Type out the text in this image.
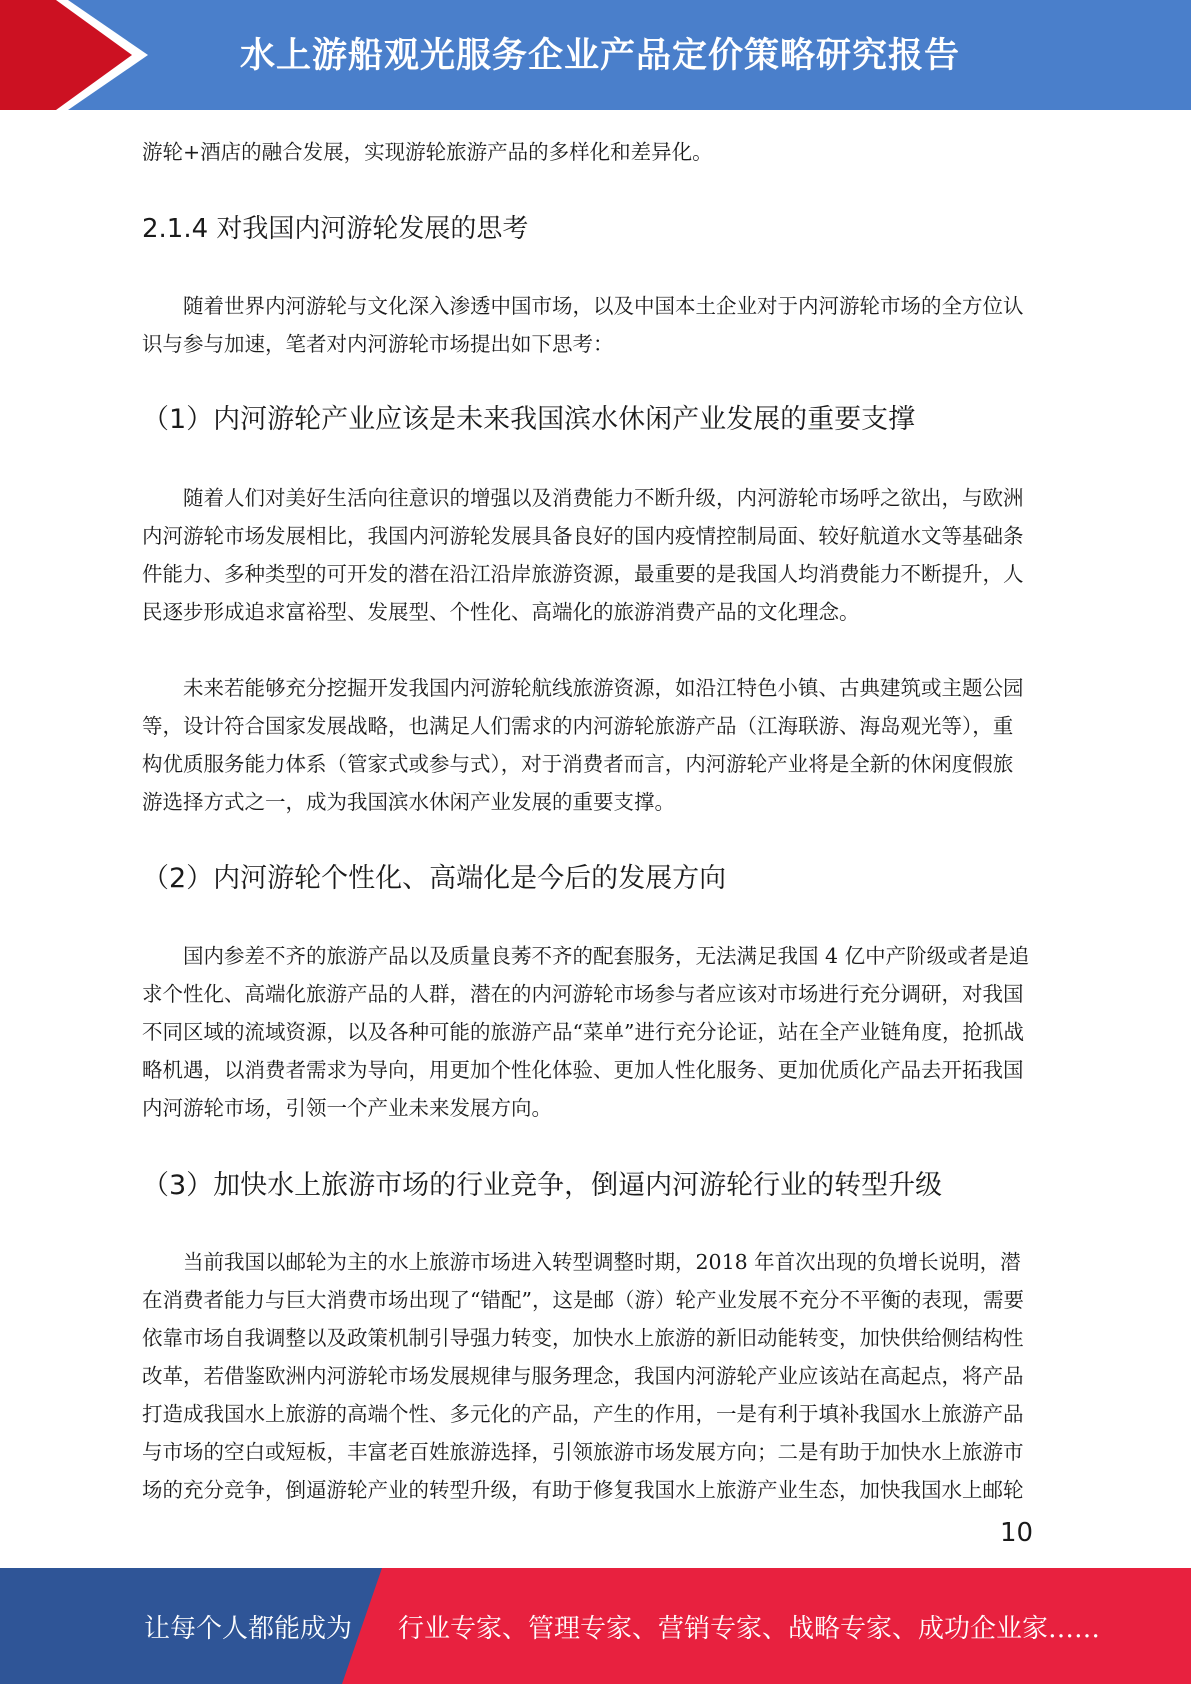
水上游船观光服务企业产品定价策略研究报告
游轮+酒店的融合发展，实现游轮旅游产品的多样化和差异化。
2.1.4 对我国内河游轮发展的思考
　　随着世界内河游轮与文化深入渗透中国市场，以及中国本土企业对于内河游轮市场的全方位认
识与参与加速，笔者对内河游轮市场提出如下思考：
（1）内河游轮产业应该是未来我国滨水休闲产业发展的重要支撑
　　随着人们对美好生活向往意识的增强以及消费能力不断升级，内河游轮市场呼之欲出，与欧洲
内河游轮市场发展相比，我国内河游轮发展具备良好的国内疫情控制局面、较好航道水文等基础条
件能力、多种类型的可开发的潜在沿江沿岸旅游资源，最重要的是我国人均消费能力不断提升，人
民逐步形成追求富裕型、发展型、个性化、高端化的旅游消费产品的文化理念。
　　未来若能够充分挖掘开发我国内河游轮航线旅游资源，如沿江特色小镇、古典建筑或主题公园
等，设计符合国家发展战略，也满足人们需求的内河游轮旅游产品（江海联游、海岛观光等），重
构优质服务能力体系（管家式或参与式），对于消费者而言，内河游轮产业将是全新的休闲度假旅
游选择方式之一，成为我国滨水休闲产业发展的重要支撑。
（2）内河游轮个性化、高端化是今后的发展方向
　　国内参差不齐的旅游产品以及质量良莠不齐的配套服务，无法满足我国 4 亿中产阶级或者是追
求个性化、高端化旅游产品的人群，潜在的内河游轮市场参与者应该对市场进行充分调研，对我国
不同区域的流域资源，以及各种可能的旅游产品“菜单”进行充分论证，站在全产业链角度，抢抓战
略机遇，以消费者需求为导向，用更加个性化体验、更加人性化服务、更加优质化产品去开拓我国
内河游轮市场，引领一个产业未来发展方向。
（3）加快水上旅游市场的行业竞争，倒逼内河游轮行业的转型升级
　　当前我国以邮轮为主的水上旅游市场进入转型调整时期，2018 年首次出现的负增长说明，潜
在消费者能力与巨大消费市场出现了“错配”，这是邮（游）轮产业发展不充分不平衡的表现，需要
依靠市场自我调整以及政策机制引导强力转变，加快水上旅游的新旧动能转变，加快供给侧结构性
改革，若借鉴欧洲内河游轮市场发展规律与服务理念，我国内河游轮产业应该站在高起点，将产品
打造成我国水上旅游的高端个性、多元化的产品，产生的作用，一是有利于填补我国水上旅游产品
与市场的空白或短板，丰富老百姓旅游选择，引领旅游市场发展方向；二是有助于加快水上旅游市
场的充分竞争，倒逼游轮产业的转型升级，有助于修复我国水上旅游产业生态，加快我国水上邮轮
10
让每个人都能成为 行业专家、管理专家、营销专家、战略专家、成功企业家……
